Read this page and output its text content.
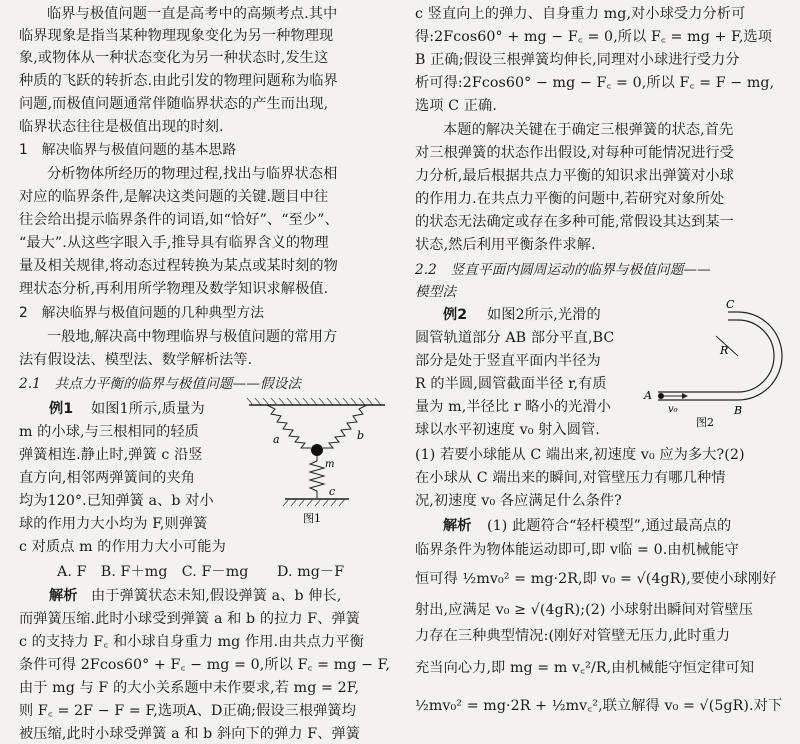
临界与极值问题一直是高考中的高频考点.其中
临界现象是指当某种物理现象变化为另一种物理现
象,或物体从一种状态变化为另一种状态时,发生这
种质的飞跃的转折态.由此引发的物理问题称为临界
问题,而极值问题通常伴随临界状态的产生而出现,
临界状态往往是极值出现的时刻.
1　解决临界与极值问题的基本思路
分析物体所经历的物理过程,找出与临界状态相
对应的临界条件,是解决这类问题的关键.题目中往
往会给出提示临界条件的词语,如“恰好”、“至少”、
“最大”.从这些字眼入手,推导具有临界含义的物理
量及相关规律,将动态过程转换为某点或某时刻的物
理状态分析,再利用所学物理及数学知识求解极值.
2　解决临界与极值问题的几种典型方法
一般地,解决高中物理临界与极值问题的常用方
法有假设法、模型法、数学解析法等.
2.1　共点力平衡的临界与极值问题——假设法
例1 如图1所示,质量为
m 的小球,与三根相同的轻质
弹簧相连.静止时,弹簧 c 沿竖
直方向,相邻两弹簧间的夹角
均为120°.已知弹簧 a、b 对小
球的作用力大小均为 F,则弹簧
c 对质点 m 的作用力大小可能为
A. F　B. F＋mg　C. F－mg　　D. mg－F
解析 由于弹簧状态未知,假设弹簧 a、b 伸长,
而弹簧压缩.此时小球受到弹簧 a 和 b 的拉力 F、弹簧
c 的支持力 F꜀ 和小球自身重力 mg 作用.由共点力平衡
条件可得 2Fcos60° + F꜀ − mg = 0,所以 F꜀ = mg − F,
由于 mg 与 F 的大小关系题中未作要求,若 mg = 2F,
则 F꜀ = 2F − F = F,选项A、D正确;假设三根弹簧均
被压缩,此时小球受弹簧 a 和 b 斜向下的弹力 F、弹簧
a	b
m
c
图1
c 竖直向上的弹力、自身重力 mg,对小球受力分析可
得:2Fcos60° + mg − F꜀ = 0,所以 F꜀ = mg + F,选项
B 正确;假设三根弹簧均伸长,同理对小球进行受力分
析可得:2Fcos60° − mg − F꜀ = 0,所以 F꜀ = F − mg,
选项 C 正确.
本题的解决关键在于确定三根弹簧的状态,首先
对三根弹簧的状态作出假设,对每种可能情况进行受
力分析,最后根据共点力平衡的知识求出弹簧对小球
的作用力.在共点力平衡的问题中,若研究对象所处
的状态无法确定或存在多种可能,常假设其达到某一
状态,然后利用平衡条件求解.
2.2　竖直平面内圆周运动的临界与极值问题——
模型法
例2 如图2所示,光滑的
圆管轨道部分 AB 部分平直,BC
部分是处于竖直平面内半径为
R 的半圆,圆管截面半径 r,有质
量为 m,半径比 r 略小的光滑小
球以水平初速度 v₀ 射入圆管.
(1) 若要小球能从 C 端出来,初速度 v₀ 应为多大?(2)
在小球从 C 端出来的瞬间,对管壁压力有哪几种情
况,初速度 v₀ 各应满足什么条件?
解析 (1) 此题符合“轻杆模型”,通过最高点的
临界条件为物体能运动即可,即 v临 = 0.由机械能守
恒可得 ½mv₀² = mg·2R,即 v₀ = √(4gR),要使小球刚好
射出,应满足 v₀ ≥ √(4gR);(2) 小球射出瞬间对管壁压
力存在三种典型情况:(刚好对管壁无压力,此时重力
充当向心力,即 mg = m v꜀²/R,由机械能守恒定律可知
½mv₀² = mg·2R + ½mv꜀²,联立解得 v₀ = √(5gR).对下
A
v₀	B
C
R
图2
